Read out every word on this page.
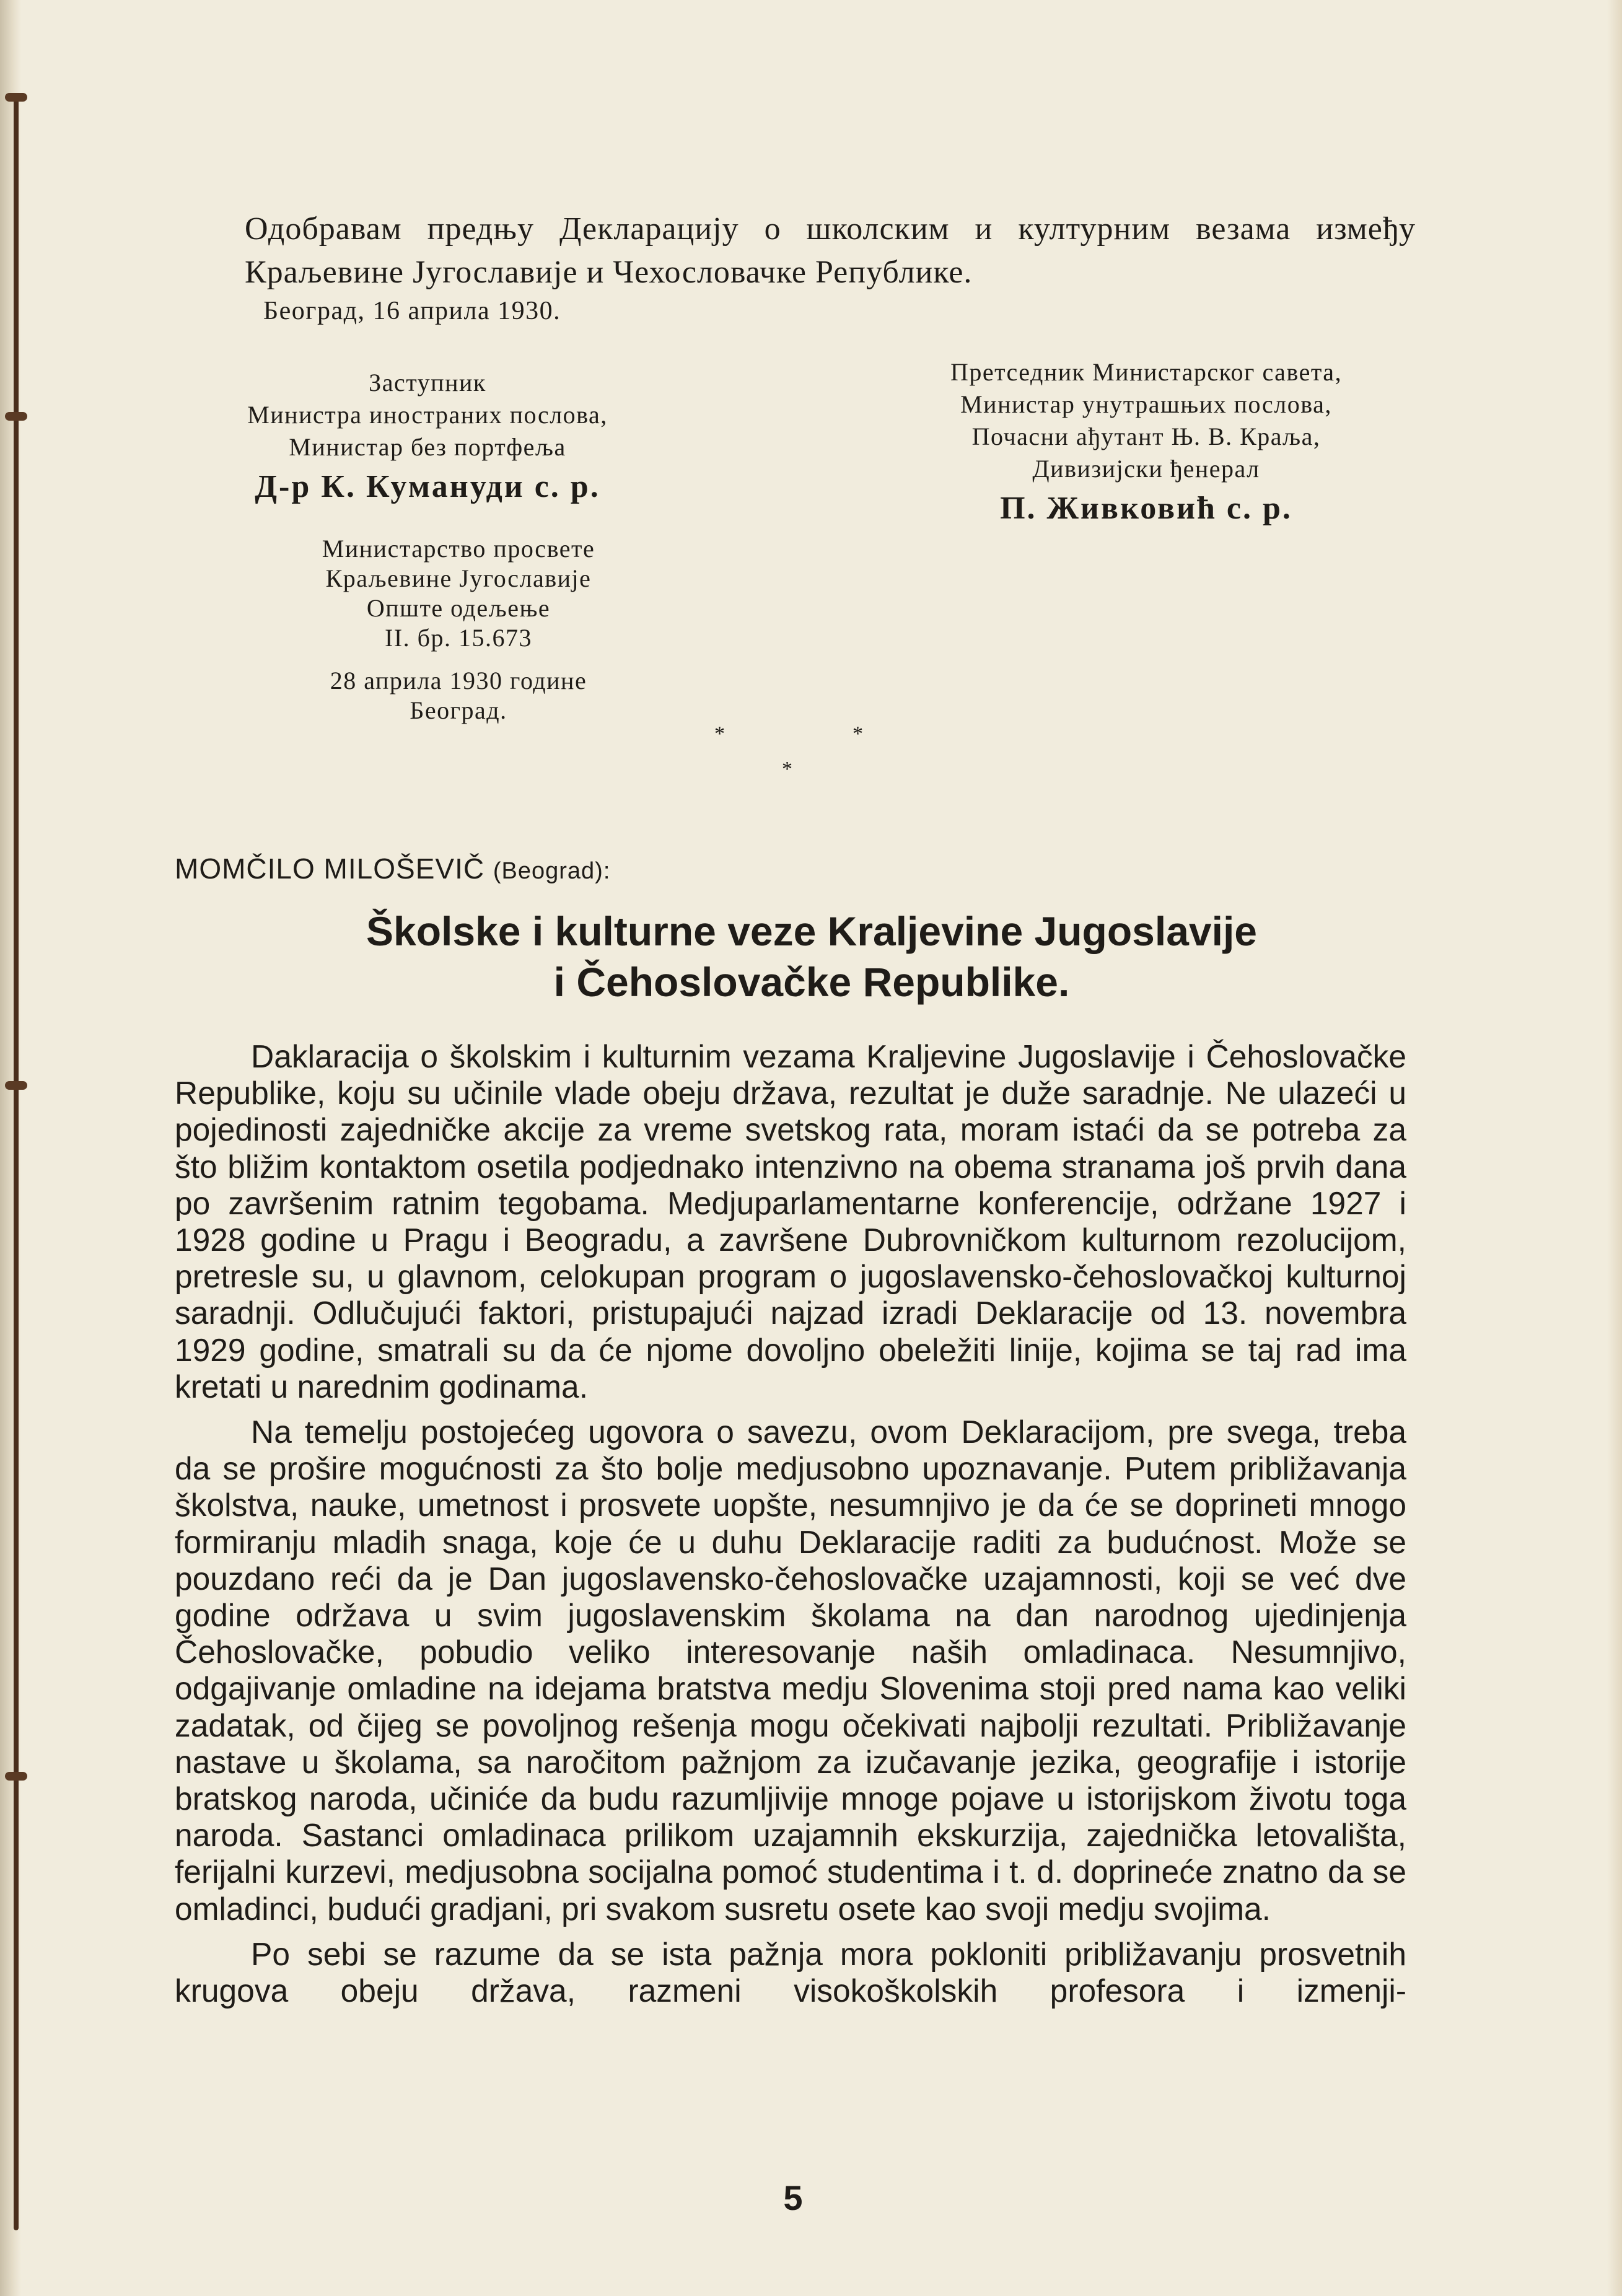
Одобравам предњу Декларацију о школским и културним везама између Краљевине Југославије и Чехословачке Републике.
Београд, 16 априла 1930.
Заступник
Министра иностраних послова,
Министар без портфеља
Д-р К. Кумануди с. р.
Претседник Министарског савета,
Министар унутрашњих послова,
Почасни ађутант Њ. В. Краља,
Дивизијски ђенерал
П. Живковић с. р.
Министарство просвете
Краљевине Југославије
Опште одељење
II. бр. 15.673
28 априла 1930 године
Београд.
*	*
*
MOMČILO MILOŠEVIČ (Beograd):
Školske i kulturne veze Kraljevine Jugoslavije
i Čehoslovačke Republike.

Daklaracija o školskim i kulturnim vezama Kraljevine Jugoslavije i Čehoslovačke Republike, koju su učinile vlade obeju država, rezultat je duže saradnje. Ne ulazeći u pojedinosti zajedničke akcije za vreme svetskog rata, moram istaći da se potreba za što bližim kontaktom osetila podjednako intenzivno na obema stranama još prvih dana po završenim ratnim tegobama. Medjuparlamentarne konferencije, održane 1927 i 1928 godine u Pragu i Beogradu, a završene Dubrovničkom kulturnom rezolucijom, pretresle su, u glavnom, celokupan program o jugoslavensko-čehoslovačkoj kulturnoj saradnji. Odlučujući faktori, pristupajući najzad izradi Deklaracije od 13. novembra 1929 godine, smatrali su da će njome dovoljno obeležiti linije, kojima se taj rad ima kretati u narednim godinama.

Na temelju postojećeg ugovora o savezu, ovom Deklaracijom, pre svega, treba da se prošire mogućnosti za što bolje medjusobno upoznavanje. Putem približavanja školstva, nauke, umetnost i prosvete uopšte, nesumnjivo je da će se doprineti mnogo formiranju mladih snaga, koje će u duhu Deklaracije raditi za budućnost. Može se pouzdano reći da je Dan jugoslavensko-čehoslovačke uzajamnosti, koji se već dve godine održava u svim jugoslavenskim školama na dan narodnog ujedinjenja Čehoslovačke, pobudio veliko interesovanje naših omladinaca. Nesumnjivo, odgajivanje omladine na idejama bratstva medju Slovenima stoji pred nama kao veliki zadatak, od čijeg se povoljnog rešenja mogu očekivati najbolji rezultati. Približavanje nastave u školama, sa naročitom pažnjom za izučavanje jezika, geografije i istorije bratskog naroda, učiniće da budu razumljivije mnoge pojave u istorijskom životu toga naroda. Sastanci omladinaca prilikom uzajamnih ekskurzija, zajednička letovališta, ferijalni kurzevi, medjusobna socijalna pomoć studentima i t. d. doprineće znatno da se omladinci, budući gradjani, pri svakom susretu osete kao svoji medju svojima.

Po sebi se razume da se ista pažnja mora pokloniti približavanju prosvetnih krugova obeju država, razmeni visokoškolskih profesora i izmenji-

5
